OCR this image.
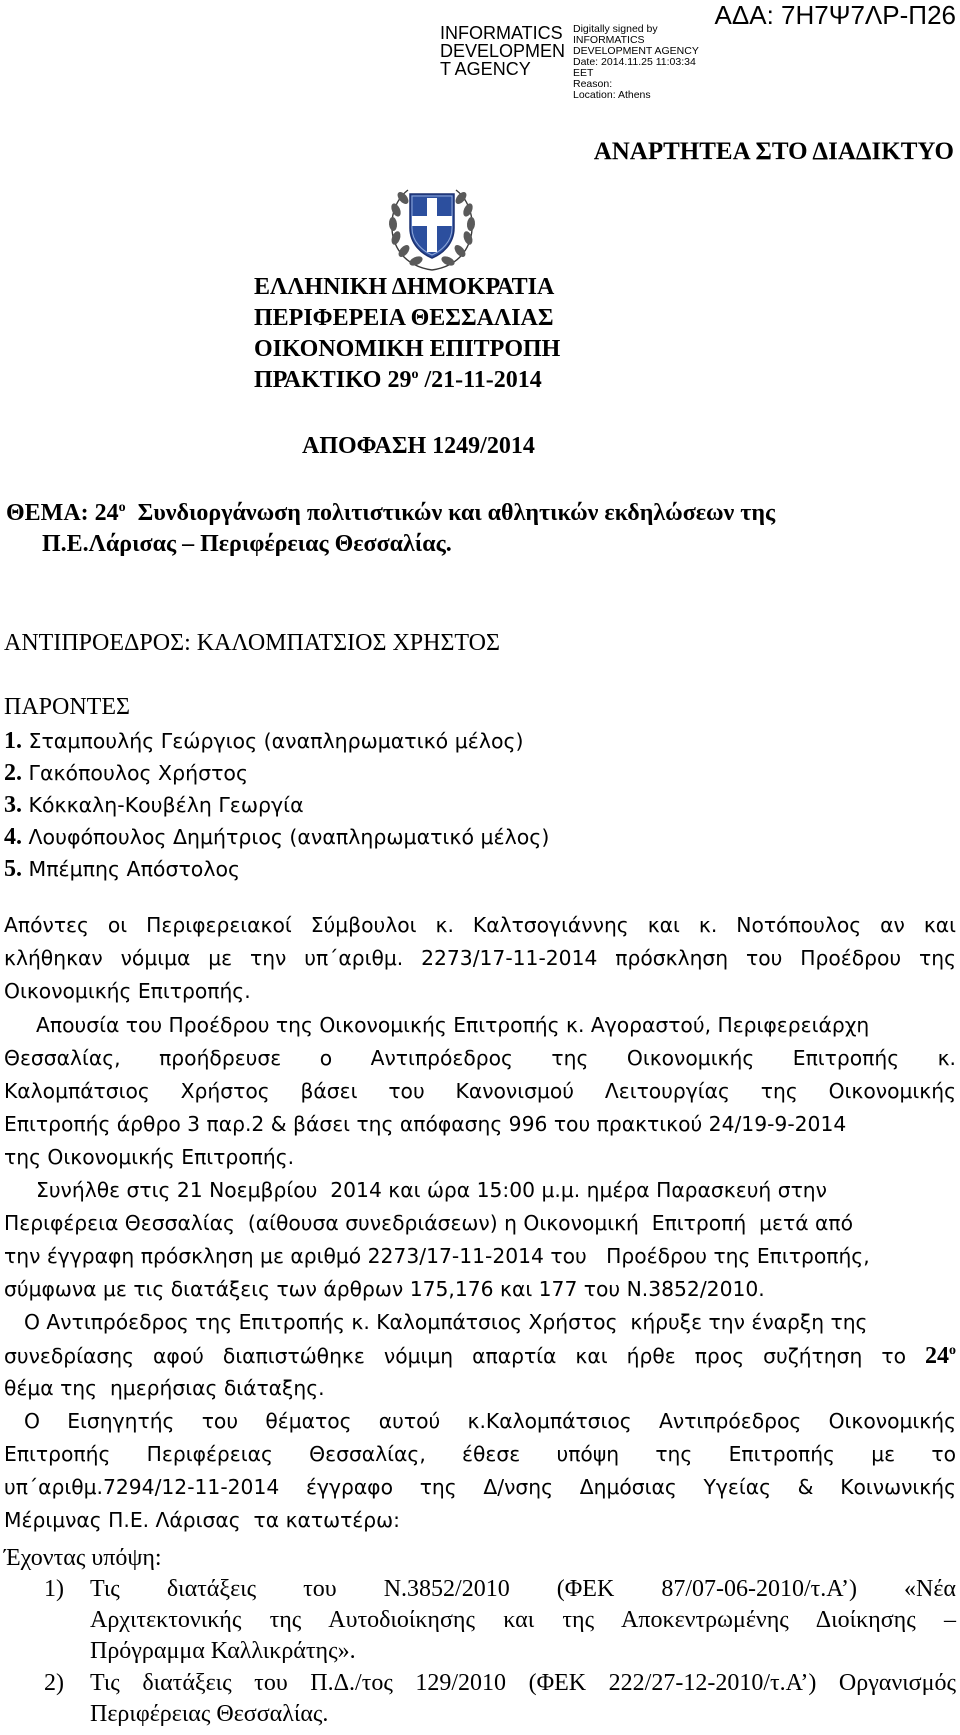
INFORMATICS
DEVELOPMEN
T AGENCY
Digitally signed by
INFORMATICS
DEVELOPMENT AGENCY
Date: 2014.11.25 11:03:34
EET
Reason:
Location: Athens
ΑΔΑ: 7Η7Ψ7ΛΡ-Π26
ΑΝΑΡΤΗΤΕΑ ΣΤΟ ΔΙΑΔΙΚΤΥΟ
ΕΛΛΗΝΙΚΗ ΔΗΜΟΚΡΑΤΙΑ
ΠΕΡΙΦΕΡΕΙΑ ΘΕΣΣΑΛΙΑΣ
ΟΙΚΟΝΟΜΙΚΗ ΕΠΙΤΡΟΠΗ
ΠΡΑΚΤΙΚΟ $29^o$ /21-11-2014
ΑΠΟΦΑΣΗ 1249/2014
ΘΕΜΑ: $24^o$  Συνδιοργάνωση πολιτιστικών και αθλητικών εκδηλώσεων της
Π.Ε.Λάρισας – Περιφέρειας Θεσσαλίας.
ΑΝΤΙΠΡΟΕΔΡΟΣ: ΚΑΛΟΜΠΑΤΣΙΟΣ ΧΡΗΣΤΟΣ
ΠΑΡΟΝΤΕΣ
1. Σταμπουλής Γεώργιος (αναπληρωματικό μέλος)
2. Γακόπουλος Χρήστος
3. Κόκκαλη-Κουβέλη Γεωργία
4. Λουφόπουλος Δημήτριος (αναπληρωματικό μέλος)
5. Μπέμπης Απόστολος
Απόντες οι Περιφερειακοί Σύμβουλοι κ. Καλτσογιάννης και κ. Νοτόπουλος αν και
κλήθηκαν νόμιμα με την υπ΄αριθμ. 2273/17-11-2014 πρόσκληση του Προέδρου της
Οικονομικής Επιτροπής.
Απουσία του Προέδρου της Οικονομικής Επιτροπής κ. Αγοραστού, Περιφερειάρχη
Θεσσαλίας, προήδρευσε ο Αντιπρόεδρος της Οικονομικής Επιτροπής κ.
Καλομπάτσιος Χρήστος βάσει του Κανονισμού Λειτουργίας της Οικονομικής
Επιτροπής άρθρο 3 παρ.2 & βάσει της απόφασης 996 του πρακτικού 24/19-9-2014
της Οικονομικής Επιτροπής.
Συνήλθε στις 21 Νοεμβρίου  2014 και ώρα 15:00 μ.μ. ημέρα Παρασκευή στην
Περιφέρεια Θεσσαλίας  (αίθουσα συνεδριάσεων) η Οικονομική  Επιτροπή  μετά από
την έγγραφη πρόσκληση με αριθμό 2273/17-11-2014 του   Προέδρου της Επιτροπής,
σύμφωνα με τις διατάξεις των άρθρων 175,176 και 177 του Ν.3852/2010.
Ο Αντιπρόεδρος της Επιτροπής κ. Καλομπάτσιος Χρήστος  κήρυξε την έναρξη της
συνεδρίασης αφού διαπιστώθηκε νόμιμη απαρτία και ήρθε προς συζήτηση το $24^o$
θέμα της  ημερήσιας διάταξης.
Ο Εισηγητής του θέματος αυτού κ.Καλομπάτσιος Αντιπρόεδρος Οικονομικής
Επιτροπής Περιφέρειας Θεσσαλίας, έθεσε υπόψη της Επιτροπής με το
υπ΄αριθμ.7294/12-11-2014 έγγραφο της Δ/νσης Δημόσιας Υγείας & Κοινωνικής
Μέριμνας Π.Ε. Λάρισας  τα κατωτέρω:
Έχοντας υπόψη:
1) Τις διατάξεις του Ν.3852/2010 (ΦΕΚ 87/07-06-2010/τ.Α’) «Νέα
Αρχιτεκτονικής της Αυτοδιοίκησης και της Αποκεντρωμένης Διοίκησης –
Πρόγραμμα Καλλικράτης».
2) Τις διατάξεις του Π.Δ./τος 129/2010 (ΦΕΚ 222/27-12-2010/τ.Α’) Οργανισμός
Περιφέρειας Θεσσαλίας.
